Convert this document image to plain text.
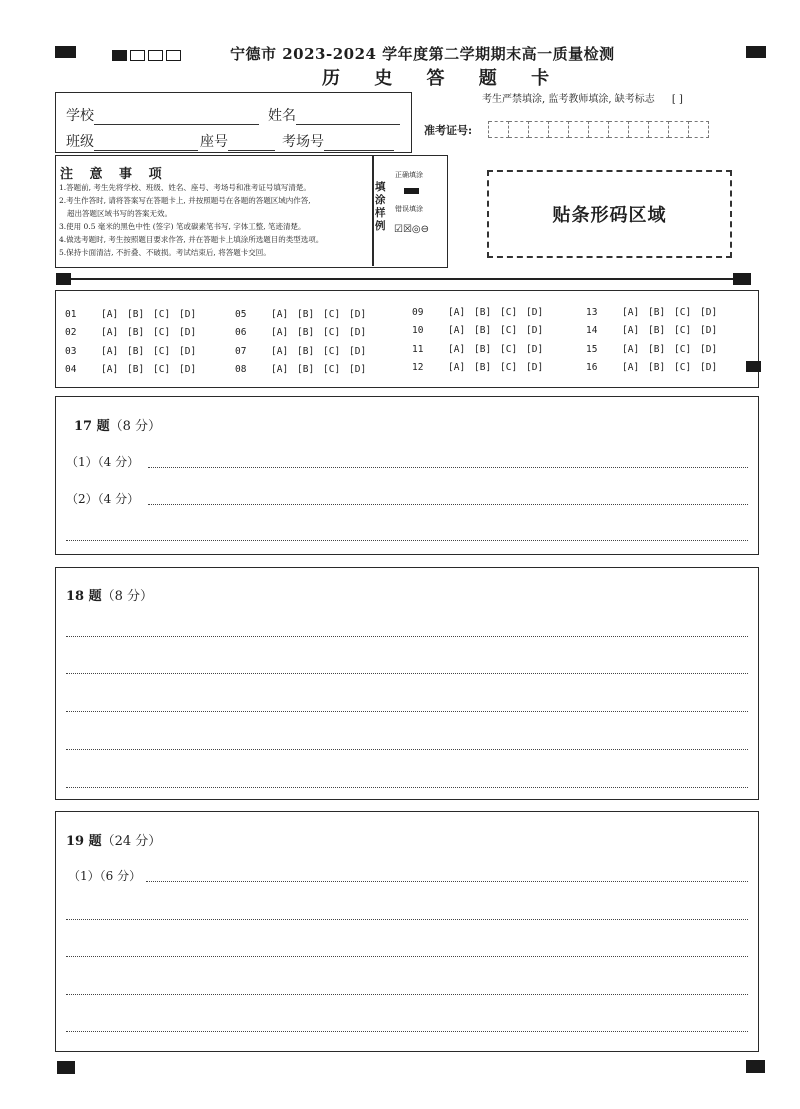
宁德市 2023-2024 学年度第二学期期末高一质量检测
历 史 答 题 卡
学校	姓名
班级	座号	考场号
考生严禁填涂, 监考教师填涂, 缺考标志 [ ]
准考证号:
注 意 事 项
1.答题前, 考生先将学校、班级、姓名、座号、考场号和准考证号填写清楚。
2.考生作答时, 请将答案写在答题卡上, 并按照题号在各题的答题区域内作答,
超出答题区域书写的答案无效。
3.使用 0.5 毫米的黑色中性 (签字) 笔或碳素笔书写, 字体工整, 笔迹清楚。
4.做选考题时, 考生按照题目要求作答, 并在答题卡上填涂所选题目的类型选项。
5.保持卡面清洁, 不折叠、不破损。考试结束后, 将答题卡交回。
填涂样例
正确填涂
错误填涂
☑☒◎⊖
贴条形码区域
01	[A] [B] [C] [D]
02	[A] [B] [C] [D]
03	[A] [B] [C] [D]
04	[A] [B] [C] [D]
05	[A] [B] [C] [D]
06	[A] [B] [C] [D]
07	[A] [B] [C] [D]
08	[A] [B] [C] [D]
09	[A] [B] [C] [D]
10	[A] [B] [C] [D]
11	[A] [B] [C] [D]
12	[A] [B] [C] [D]
13	[A] [B] [C] [D]
14	[A] [B] [C] [D]
15	[A] [B] [C] [D]
16	[A] [B] [C] [D]
17 题（8 分）
（1）（4 分）
（2）（4 分）
18 题（8 分）
19 题（24 分）
（1）（6 分）
